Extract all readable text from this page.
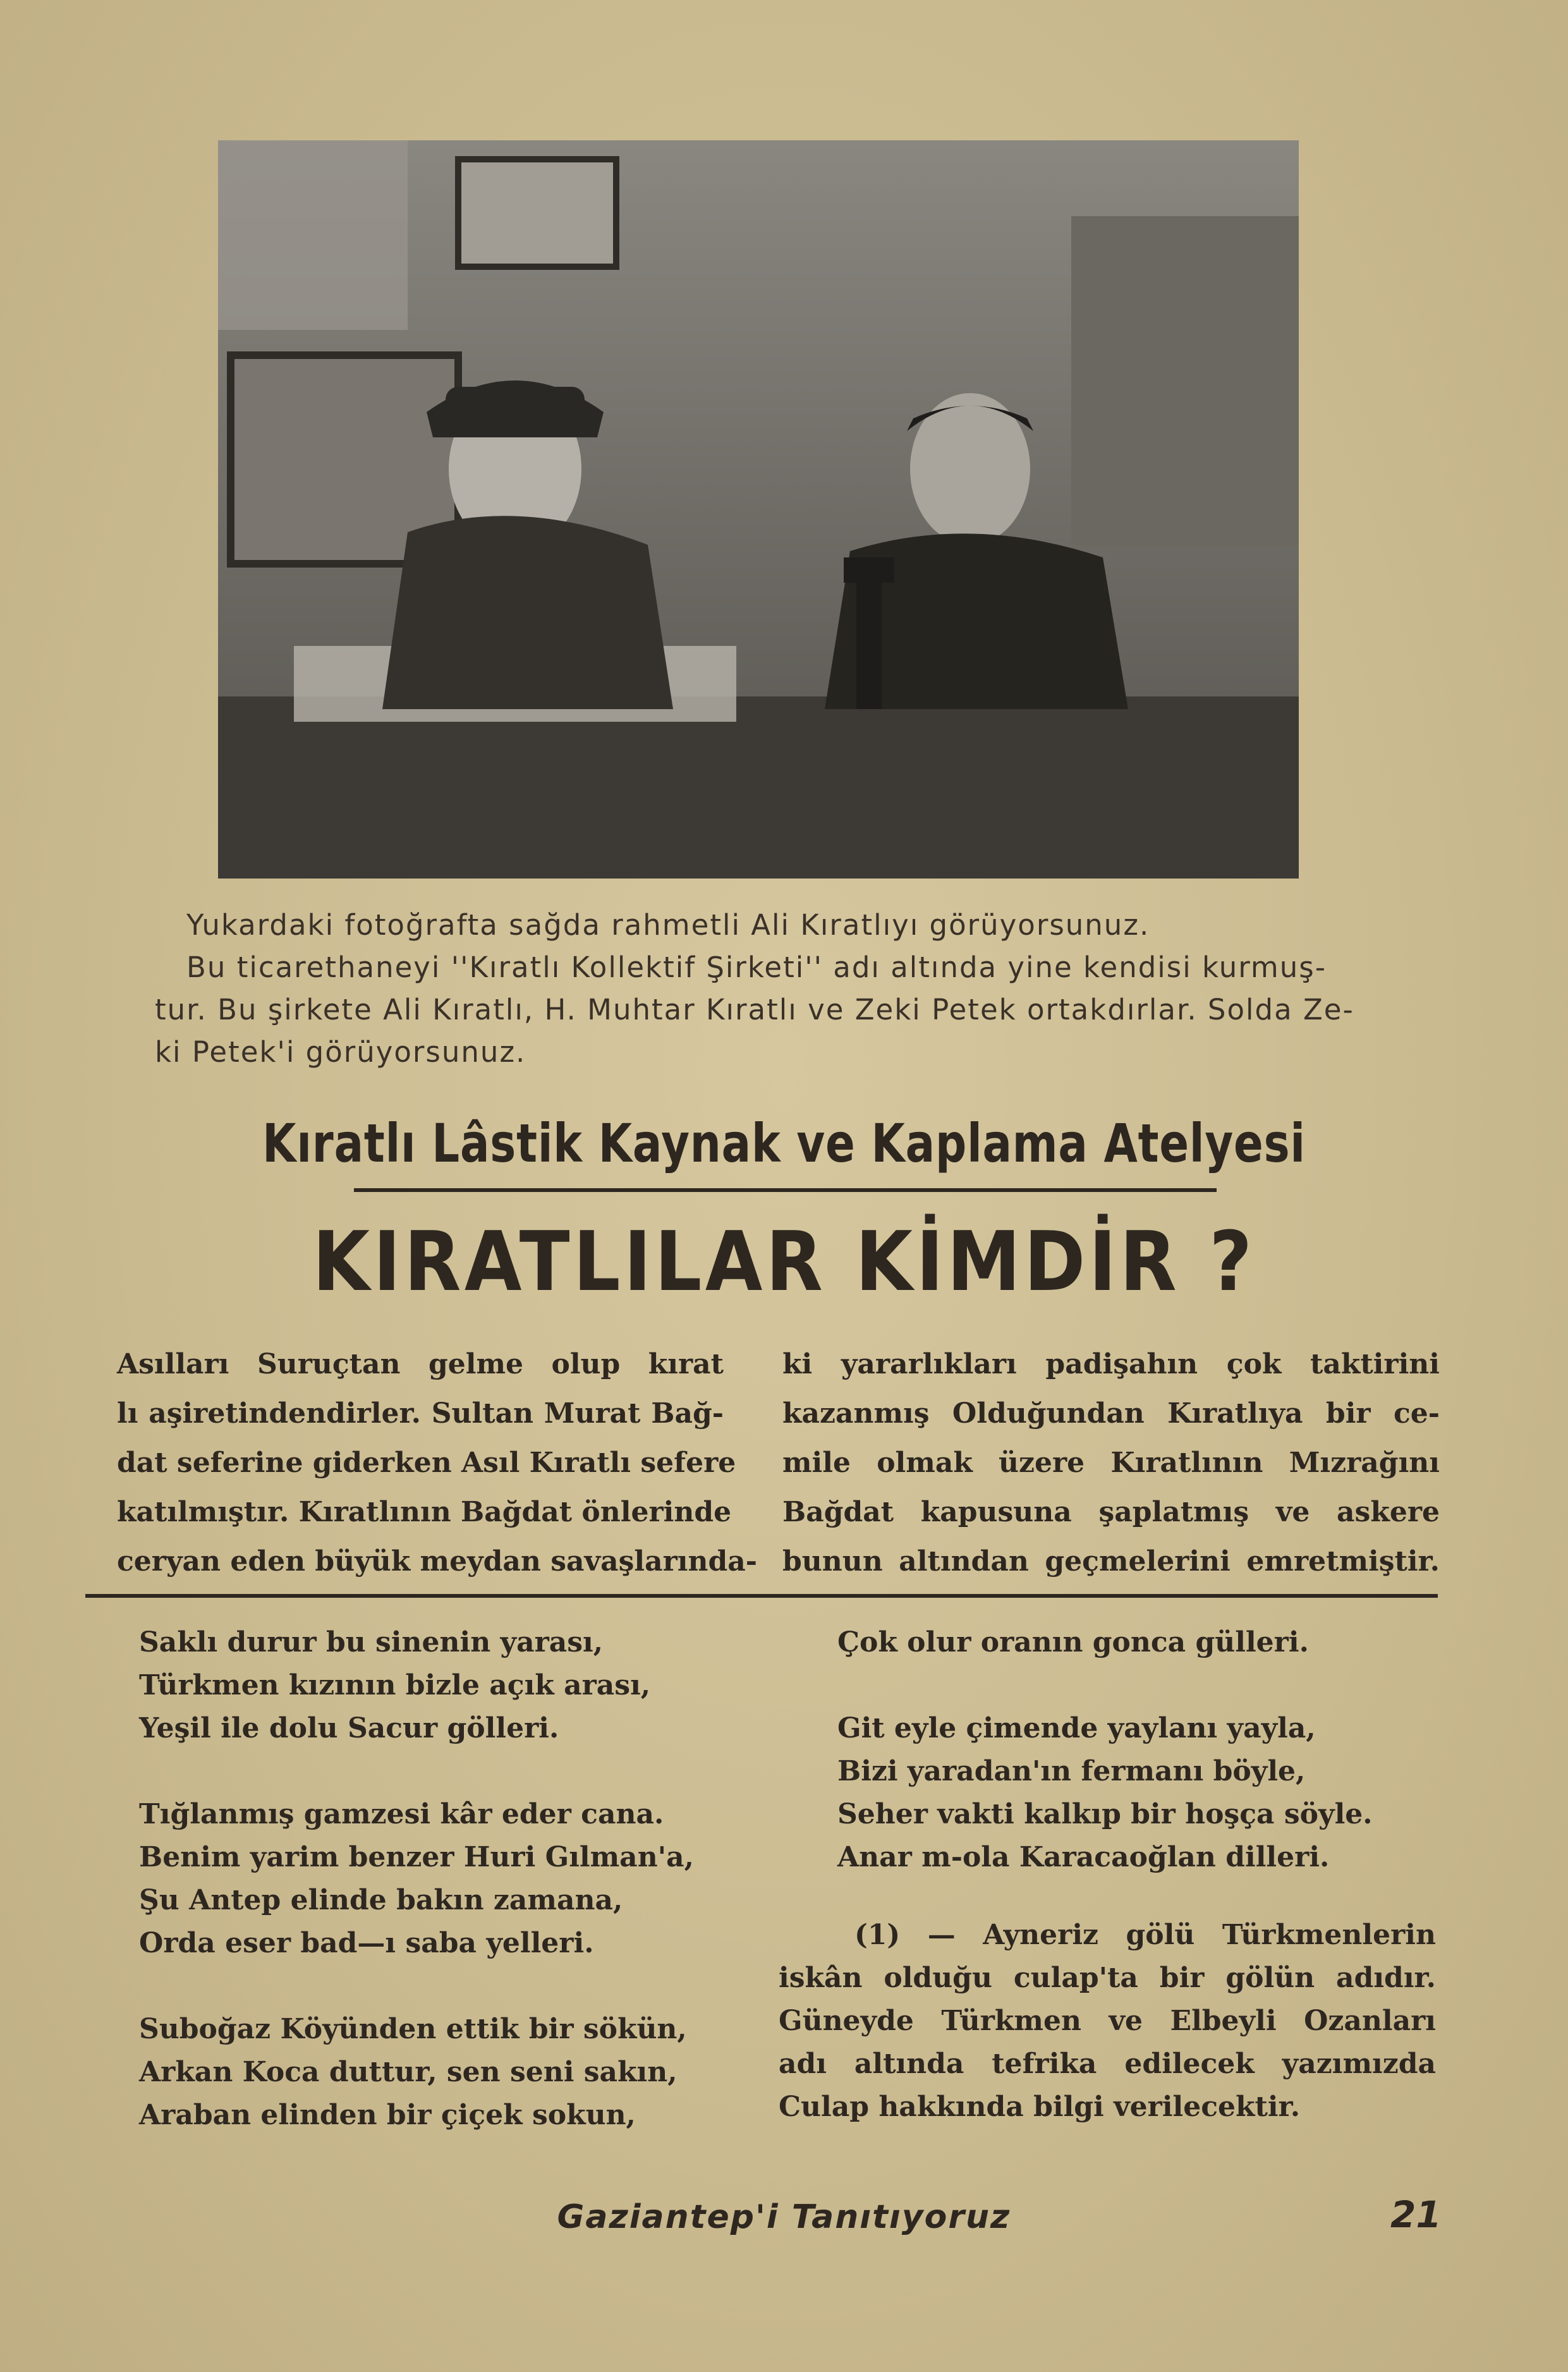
Yukardaki fotoğrafta sağda rahmetli Ali Kıratlıyı görüyorsunuz.
Bu ticarethaneyi ''Kıratlı Kollektif Şirketi'' adı altında yine kendisi kurmuş-
tur. Bu şirkete Ali Kıratlı, H. Muhtar Kıratlı ve Zeki Petek ortakdırlar. Solda Ze-
ki Petek'i görüyorsunuz.
Kıratlı Lâstik Kaynak ve Kaplama Atelyesi
KIRATLILAR KİMDİR ?
Asılları Suruçtan gelme olup kırat
lı aşiretindendirler. Sultan Murat Bağ-
dat seferine giderken Asıl Kıratlı sefere
katılmıştır. Kıratlının Bağdat önlerinde
ceryan eden büyük meydan savaşlarında-
ki yararlıkları padişahın çok taktirini
kazanmış Olduğundan Kıratlıya bir ce-
mile olmak üzere Kıratlının Mızrağını
Bağdat kapusuna şaplatmış ve askere
bunun altından geçmelerini emretmiştir.
Saklı durur bu sinenin yarası,
Türkmen kızının bizle açık arası,
Yeşil ile dolu Sacur gölleri.
Tığlanmış gamzesi kâr eder cana.
Benim yarim benzer Huri Gılman'a,
Şu Antep elinde bakın zamana,
Orda eser bad—ı saba yelleri.
Suboğaz Köyünden ettik bir sökün,
Arkan Koca duttur, sen seni sakın,
Araban elinden bir çiçek sokun,
Çok olur oranın gonca gülleri.
Git eyle çimende yaylanı yayla,
Bizi yaradan'ın fermanı böyle,
Seher vakti kalkıp bir hoşça söyle.
Anar m-ola Karacaoğlan dilleri.
(1) — Ayneriz gölü Türkmenlerin
iskân olduğu culap'ta bir gölün adıdır.
Güneyde Türkmen ve Elbeyli Ozanları
adı altında tefrika edilecek yazımızda
Culap hakkında bilgi verilecektir.
Gaziantep'i Tanıtıyoruz	21
